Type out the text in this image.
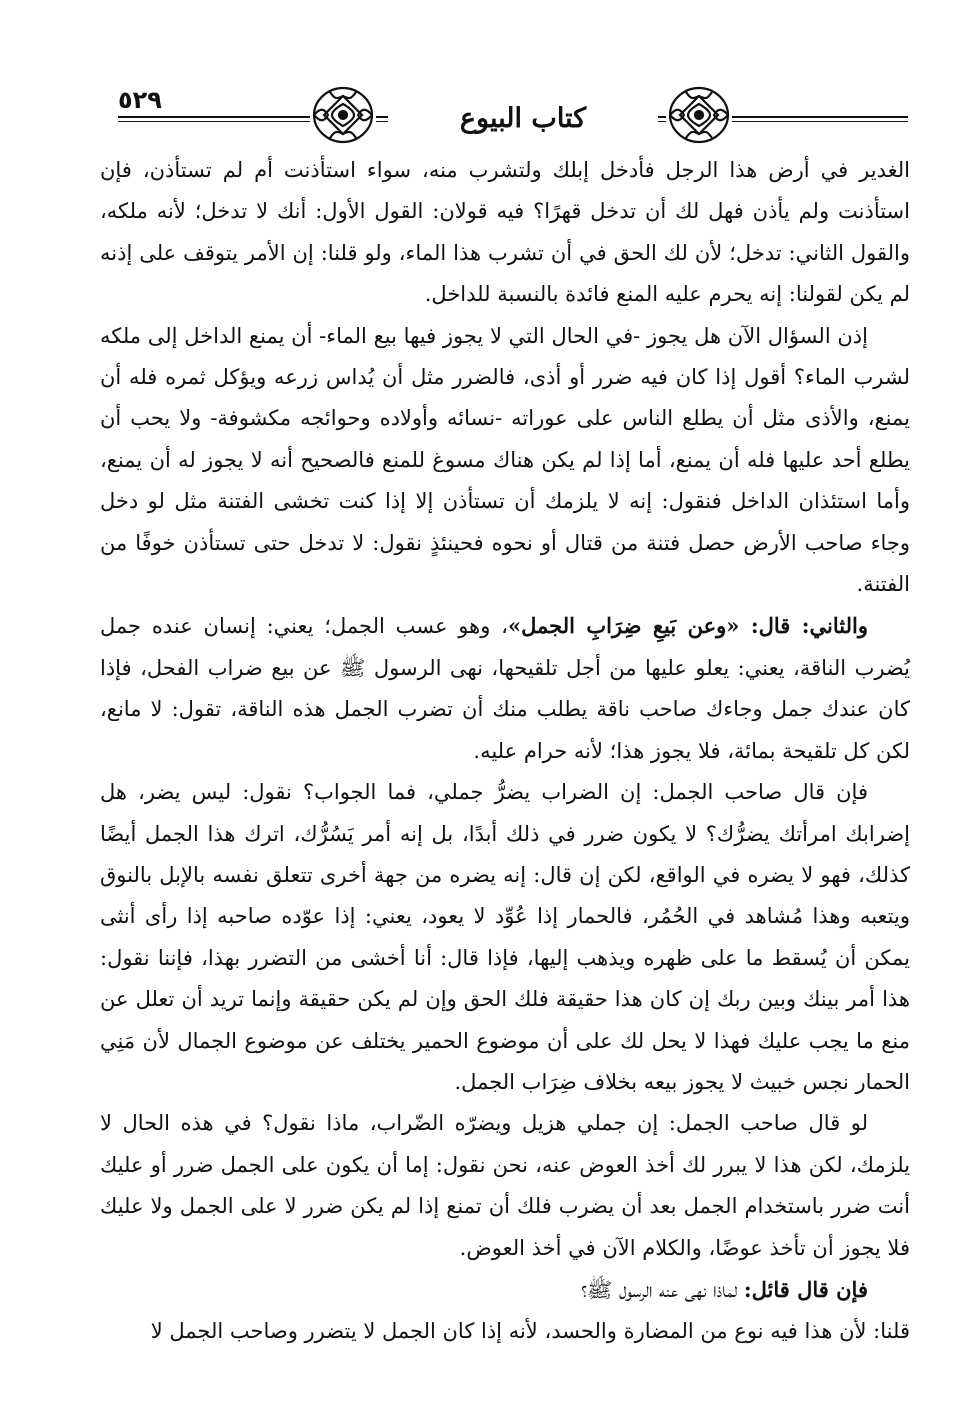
٥٢٩
كتاب البيوع

الغدير في أرض هذا الرجل فأدخل إبلك ولتشرب منه، سواء استأذنت أم لم تستأذن، فإن استأذنت ولم يأذن فهل لك أن تدخل قهرًا؟ فيه قولان: القول الأول: أنك لا تدخل؛ لأنه ملكه، والقول الثاني: تدخل؛ لأن لك الحق في أن تشرب هذا الماء، ولو قلنا: إن الأمر يتوقف على إذنه لم يكن لقولنا: إنه يحرم عليه المنع فائدة بالنسبة للداخل.

إذن السؤال الآن هل يجوز -في الحال التي لا يجوز فيها بيع الماء- أن يمنع الداخل إلى ملكه لشرب الماء؟ أقول إذا كان فيه ضرر أو أذى، فالضرر مثل أن يُداس زرعه ويؤكل ثمره فله أن يمنع، والأذى مثل أن يطلع الناس على عوراته -نسائه وأولاده وحوائجه مكشوفة- ولا يحب أن يطلع أحد عليها فله أن يمنع، أما إذا لم يكن هناك مسوغ للمنع فالصحيح أنه لا يجوز له أن يمنع، وأما استئذان الداخل فنقول: إنه لا يلزمك أن تستأذن إلا إذا كنت تخشى الفتنة مثل لو دخل وجاء صاحب الأرض حصل فتنة من قتال أو نحوه فحينئذٍ نقول: لا تدخل حتى تستأذن خوفًا من الفتنة.

والثاني: قال: «وعن بَيعِ ضِرَابِ الجمل»، وهو عسب الجمل؛ يعني: إنسان عنده جمل يُضرب الناقة، يعني: يعلو عليها من أجل تلقيحها، نهى الرسول ﷺ عن بيع ضراب الفحل، فإذا كان عندك جمل وجاءك صاحب ناقة يطلب منك أن تضرب الجمل هذه الناقة، تقول: لا مانع، لكن كل تلقيحة بمائة، فلا يجوز هذا؛ لأنه حرام عليه.

فإن قال صاحب الجمل: إن الضراب يضرُّ جملي، فما الجواب؟ نقول: ليس يضر، هل إضرابك امرأتك يضرُّك؟ لا يكون ضرر في ذلك أبدًا، بل إنه أمر يَسُرُّك، اترك هذا الجمل أيضًا كذلك، فهو لا يضره في الواقع، لكن إن قال: إنه يضره من جهة أخرى تتعلق نفسه بالإبل بالنوق ويتعبه وهذا مُشاهد في الحُمُر، فالحمار إذا عُوِّد لا يعود، يعني: إذا عوّده صاحبه إذا رأى أنثى يمكن أن يُسقط ما على ظهره ويذهب إليها، فإذا قال: أنا أخشى من التضرر بهذا، فإننا نقول: هذا أمر بينك وبين ربك إن كان هذا حقيقة فلك الحق وإن لم يكن حقيقة وإنما تريد أن تعلل عن منع ما يجب عليك فهذا لا يحل لك على أن موضوع الحمير يختلف عن موضوع الجمال لأن مَنِي الحمار نجس خبيث لا يجوز بيعه بخلاف ضِرَاب الجمل.

لو قال صاحب الجمل: إن جملي هزيل ويضرّه الضّراب، ماذا نقول؟ في هذه الحال لا يلزمك، لكن هذا لا يبرر لك أخذ العوض عنه، نحن نقول: إما أن يكون على الجمل ضرر أو عليك أنت ضرر باستخدام الجمل بعد أن يضرب فلك أن تمنع إذا لم يكن ضرر لا على الجمل ولا عليك فلا يجوز أن تأخذ عوضًا، والكلام الآن في أخذ العوض.

فإن قال قائل: لماذا نهى عنه الرسول ﷺ؟

قلنا: لأن هذا فيه نوع من المضارة والحسد، لأنه إذا كان الجمل لا يتضرر وصاحب الجمل لا
